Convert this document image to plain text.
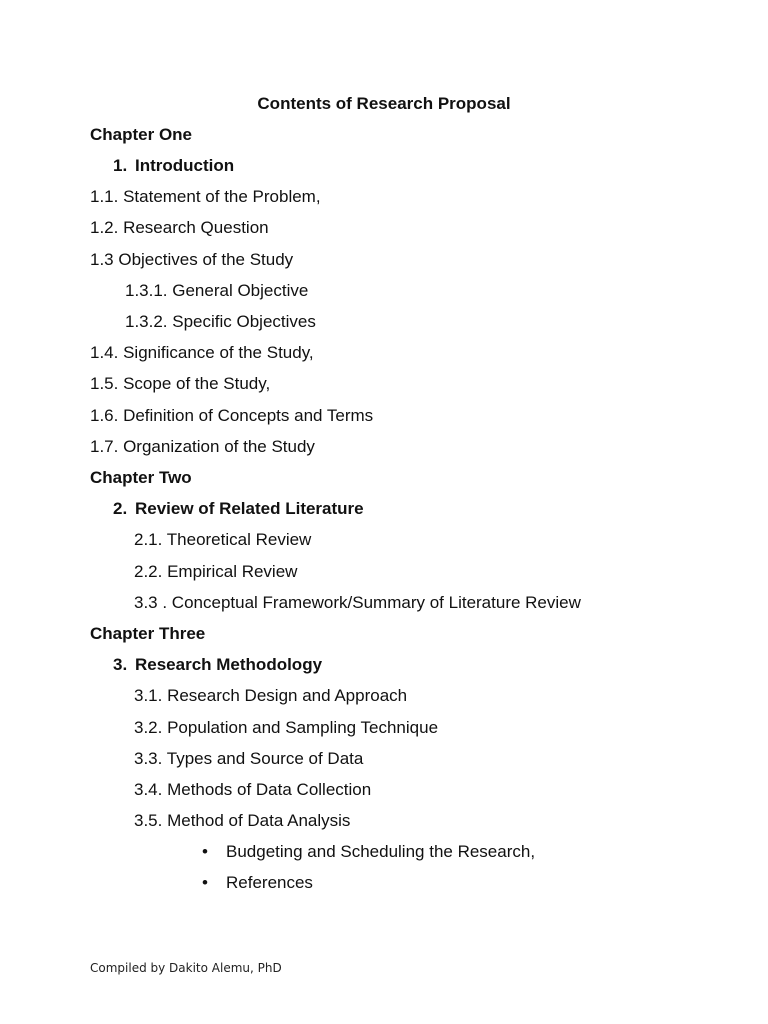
Contents of Research Proposal
Chapter One
1. Introduction
1.1. Statement of the Problem,
1.2. Research Question
1.3 Objectives of the Study
1.3.1. General Objective
1.3.2. Specific Objectives
1.4. Significance of the Study,
1.5. Scope of the Study,
1.6. Definition of Concepts and Terms
1.7. Organization of the Study
Chapter Two
2. Review of Related Literature
2.1. Theoretical Review
2.2. Empirical Review
3.3 . Conceptual Framework/Summary of Literature Review
Chapter Three
3. Research Methodology
3.1. Research Design and Approach
3.2. Population and Sampling Technique
3.3. Types and Source of Data
3.4. Methods of Data Collection
3.5. Method of Data Analysis
• Budgeting and Scheduling the Research,
• References
Compiled by Dakito Alemu, PhD
